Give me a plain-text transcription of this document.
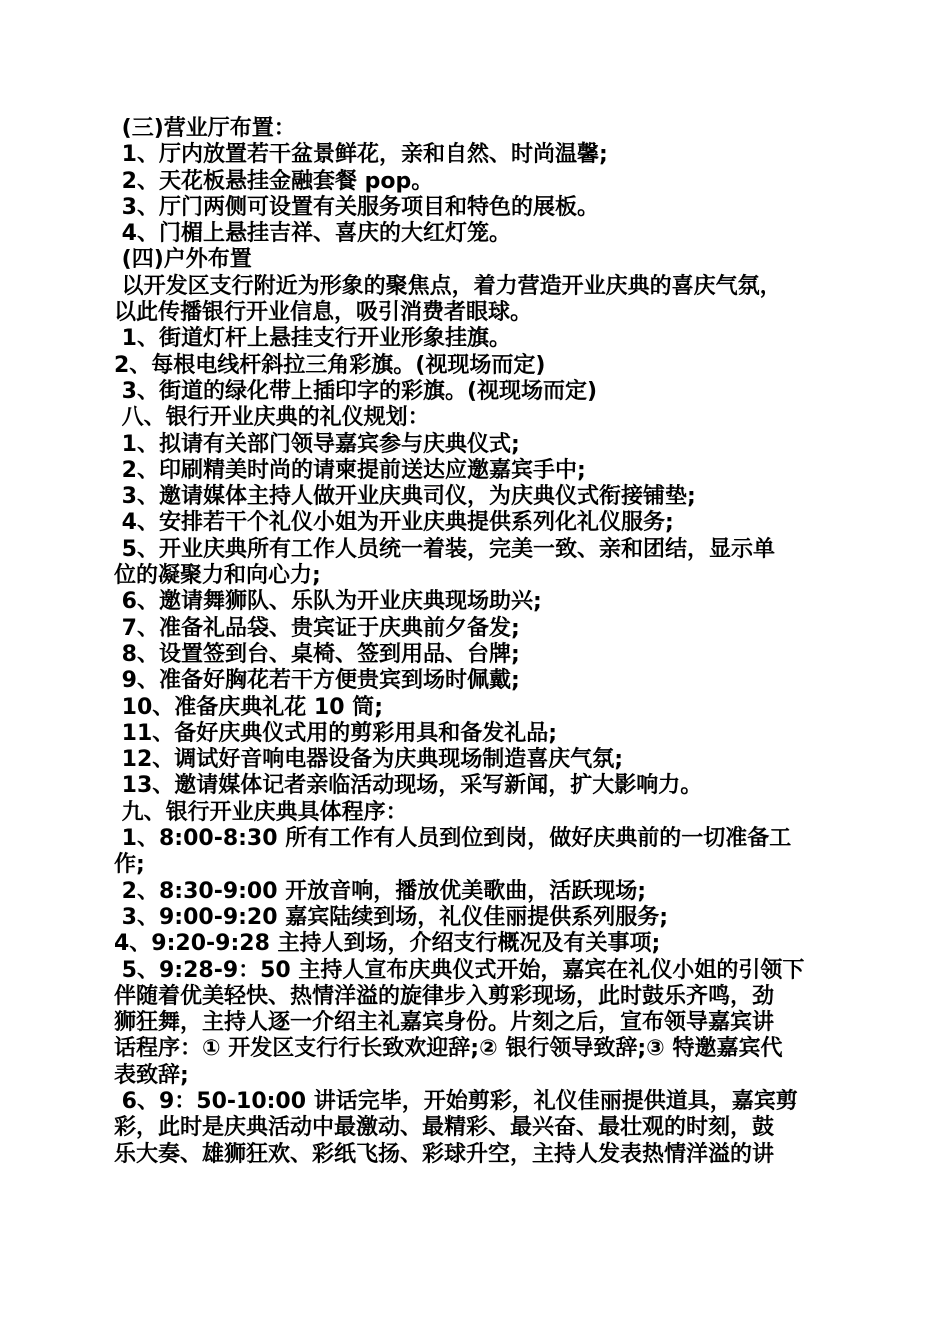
(三)营业厅布置：
1、厅内放置若干盆景鲜花，亲和自然、时尚温馨;
2、天花板悬挂金融套餐 pop。
3、厅门两侧可设置有关服务项目和特色的展板。
4、门楣上悬挂吉祥、喜庆的大红灯笼。
(四)户外布置
以开发区支行附近为形象的聚焦点，着力营造开业庆典的喜庆气氛，
以此传播银行开业信息，吸引消费者眼球。
1、街道灯杆上悬挂支行开业形象挂旗。
2、每根电线杆斜拉三角彩旗。(视现场而定)
3、街道的绿化带上插印字的彩旗。(视现场而定)
八、银行开业庆典的礼仪规划：
1、拟请有关部门领导嘉宾参与庆典仪式;
2、印刷精美时尚的请柬提前送达应邀嘉宾手中;
3、邀请媒体主持人做开业庆典司仪，为庆典仪式衔接铺垫;
4、安排若干个礼仪小姐为开业庆典提供系列化礼仪服务;
5、开业庆典所有工作人员统一着装，完美一致、亲和团结，显示单
位的凝聚力和向心力;
6、邀请舞狮队、乐队为开业庆典现场助兴;
7、准备礼品袋、贵宾证于庆典前夕备发;
8、设置签到台、桌椅、签到用品、台牌;
9、准备好胸花若干方便贵宾到场时佩戴;
10、准备庆典礼花 10 筒;
11、备好庆典仪式用的剪彩用具和备发礼品;
12、调试好音响电器设备为庆典现场制造喜庆气氛;
13、邀请媒体记者亲临活动现场，采写新闻，扩大影响力。
九、银行开业庆典具体程序：
1、8:00-8:30 所有工作有人员到位到岗，做好庆典前的一切准备工
作;
2、8:30-9:00 开放音响，播放优美歌曲，活跃现场;
3、9:00-9:20 嘉宾陆续到场，礼仪佳丽提供系列服务;
4、9:20-9:28 主持人到场，介绍支行概况及有关事项;
5、9:28-9：50 主持人宣布庆典仪式开始，嘉宾在礼仪小姐的引领下
伴随着优美轻快、热情洋溢的旋律步入剪彩现场，此时鼓乐齐鸣，劲
狮狂舞，主持人逐一介绍主礼嘉宾身份。片刻之后，宣布领导嘉宾讲
话程序：① 开发区支行行长致欢迎辞;② 银行领导致辞;③ 特邀嘉宾代
表致辞;
6、9：50-10:00 讲话完毕，开始剪彩，礼仪佳丽提供道具，嘉宾剪
彩，此时是庆典活动中最激动、最精彩、最兴奋、最壮观的时刻，鼓
乐大奏、雄狮狂欢、彩纸飞扬、彩球升空，主持人发表热情洋溢的讲
